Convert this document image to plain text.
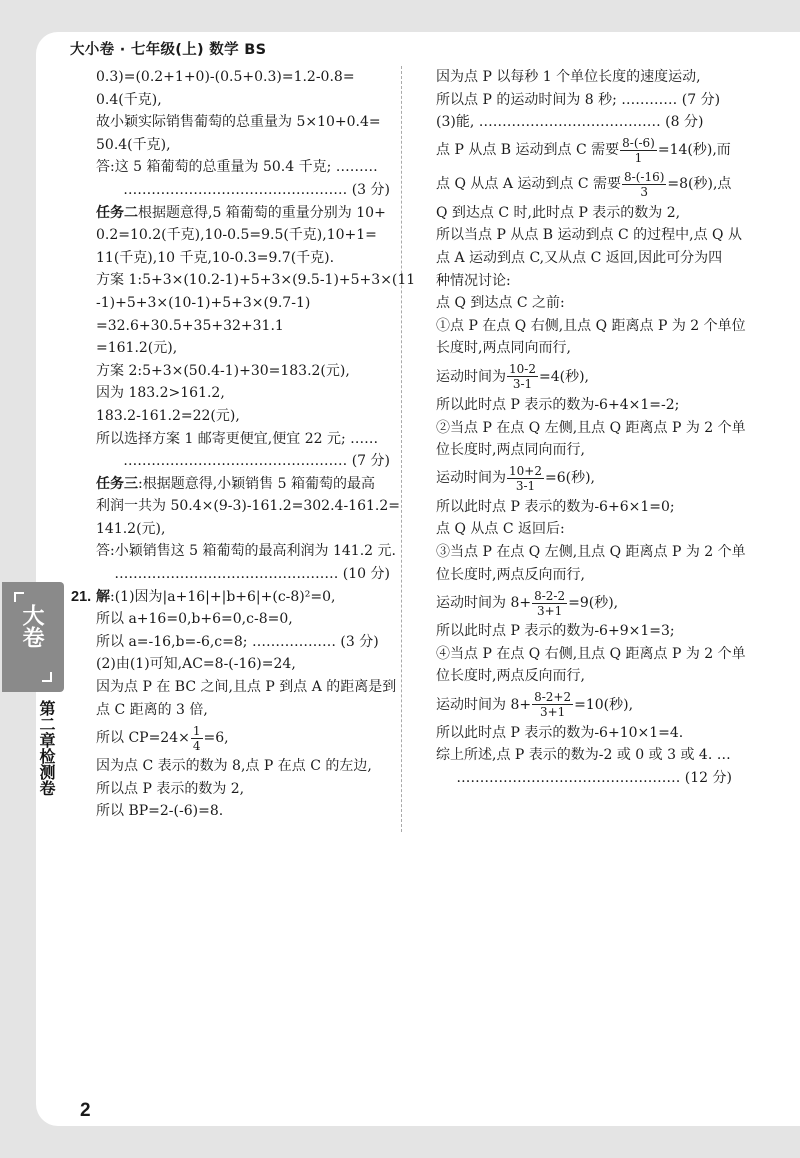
大小卷 · 七年级(上) 数学 BS
大卷
第二章检测卷
0.3)=(0.2+1+0)-(0.5+0.3)=1.2-0.8=
0.4(千克),
故小颖实际销售葡萄的总重量为 5×10+0.4=
50.4(千克),
答:这 5 箱葡萄的总重量为 50.4 千克; ………
………………………………………… (3 分)
任务二根据题意得,5 箱葡萄的重量分别为 10+
0.2=10.2(千克),10-0.5=9.5(千克),10+1=
11(千克),10 千克,10-0.3=9.7(千克).
方案 1:5+3×(10.2-1)+5+3×(9.5-1)+5+3×(11
-1)+5+3×(10-1)+5+3×(9.7-1)
=32.6+30.5+35+32+31.1
=161.2(元),
方案 2:5+3×(50.4-1)+30=183.2(元),
因为 183.2>161.2,
183.2-161.2=22(元),
所以选择方案 1 邮寄更便宜,便宜 22 元; ……
………………………………………… (7 分)
任务三:根据题意得,小颖销售 5 箱葡萄的最高
利润一共为 50.4×(9-3)-161.2=302.4-161.2=
141.2(元),
答:小颖销售这 5 箱葡萄的最高利润为 141.2 元.
………………………………………… (10 分)
21. 解:(1)因为|a+16|+|b+6|+(c-8)²=0,
所以 a+16=0,b+6=0,c-8=0,
所以 a=-16,b=-6,c=8; ……………… (3 分)
(2)由(1)可知,AC=8-(-16)=24,
因为点 P 在 BC 之间,且点 P 到点 A 的距离是到
点 C 距离的 3 倍,
所以 $CP=24\times \frac{1}{4} =6$,
因为点 C 表示的数为 8,点 P 在点 C 的左边,
所以点 P 表示的数为 2,
所以 BP=2-(-6)=8.
因为点 P 以每秒 1 个单位长度的速度运动,
所以点 P 的运动时间为 8 秒; ………… (7 分)
(3)能, ………………………………… (8 分)
点 P 从点 B 运动到点 C 需要 $\frac{8-(-6)}{1} =14$(秒),而
点 Q 从点 A 运动到点 C 需要 $\frac{8-(-16)}{3} =8$(秒),点
Q 到达点 C 时,此时点 P 表示的数为 2,
所以当点 P 从点 B 运动到点 C 的过程中,点 Q 从
点 A 运动到点 C,又从点 C 返回,因此可分为四
种情况讨论:
点 Q 到达点 C 之前:
①点 P 在点 Q 右侧,且点 Q 距离点 P 为 2 个单位
长度时,两点同向而行,
运动时间为 $\frac{10-2}{3-1} =4$(秒),
所以此时点 P 表示的数为-6+4×1=-2;
②当点 P 在点 Q 左侧,且点 Q 距离点 P 为 2 个单
位长度时,两点同向而行,
运动时间为 $\frac{10+2}{3-1} =6$(秒),
所以此时点 P 表示的数为-6+6×1=0;
点 Q 从点 C 返回后:
③当点 P 在点 Q 左侧,且点 Q 距离点 P 为 2 个单
位长度时,两点反向而行,
运动时间为 $8+ \frac{8-2-2}{3+1} =9$(秒),
所以此时点 P 表示的数为-6+9×1=3;
④当点 P 在点 Q 右侧,且点 Q 距离点 P 为 2 个单
位长度时,两点反向而行,
运动时间为 $8+ \frac{8-2+2}{3+1} =10$(秒),
所以此时点 P 表示的数为-6+10×1=4.
综上所述,点 P 表示的数为-2 或 0 或 3 或 4. …
………………………………………… (12 分)
2
